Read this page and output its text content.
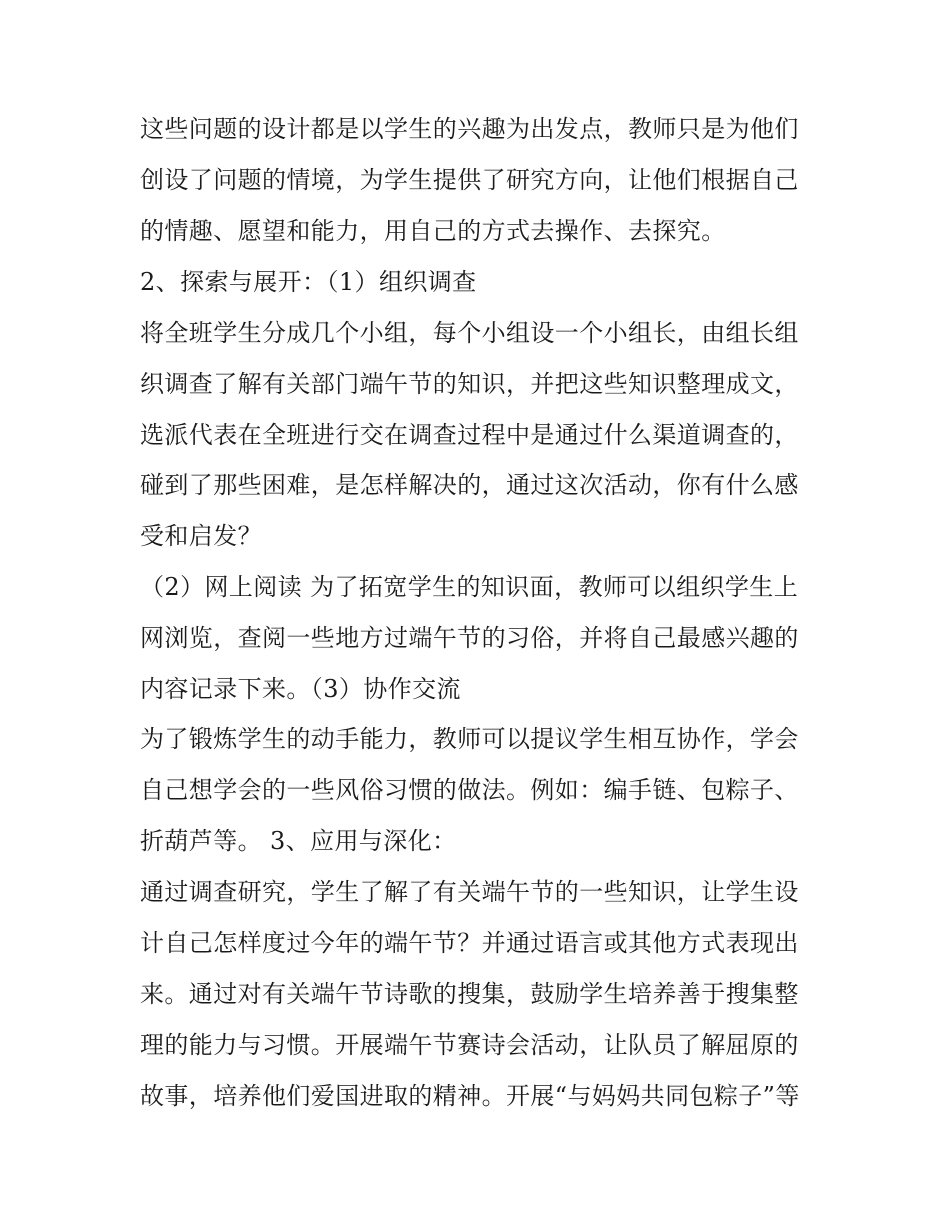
这些问题的设计都是以学生的兴趣为出发点，教师只是为他们
创设了问题的情境，为学生提供了研究方向，让他们根据自己
的情趣、愿望和能力，用自己的方式去操作、去探究。
2、探索与展开：（1）组织调查
将全班学生分成几个小组，每个小组设一个小组长，由组长组
织调查了解有关部门端午节的知识，并把这些知识整理成文，
选派代表在全班进行交在调查过程中是通过什么渠道调查的，
碰到了那些困难，是怎样解决的，通过这次活动，你有什么感
受和启发？
（2）网上阅读 为了拓宽学生的知识面，教师可以组织学生上
网浏览，查阅一些地方过端午节的习俗，并将自己最感兴趣的
内容记录下来。（3）协作交流
为了锻炼学生的动手能力，教师可以提议学生相互协作，学会
自己想学会的一些风俗习惯的做法。例如：编手链、包粽子、
折葫芦等。 3、应用与深化：
通过调查研究，学生了解了有关端午节的一些知识，让学生设
计自己怎样度过今年的端午节？并通过语言或其他方式表现出
来。通过对有关端午节诗歌的搜集，鼓励学生培养善于搜集整
理的能力与习惯。开展端午节赛诗会活动，让队员了解屈原的
故事，培养他们爱国进取的精神。开展“与妈妈共同包粽子”等
